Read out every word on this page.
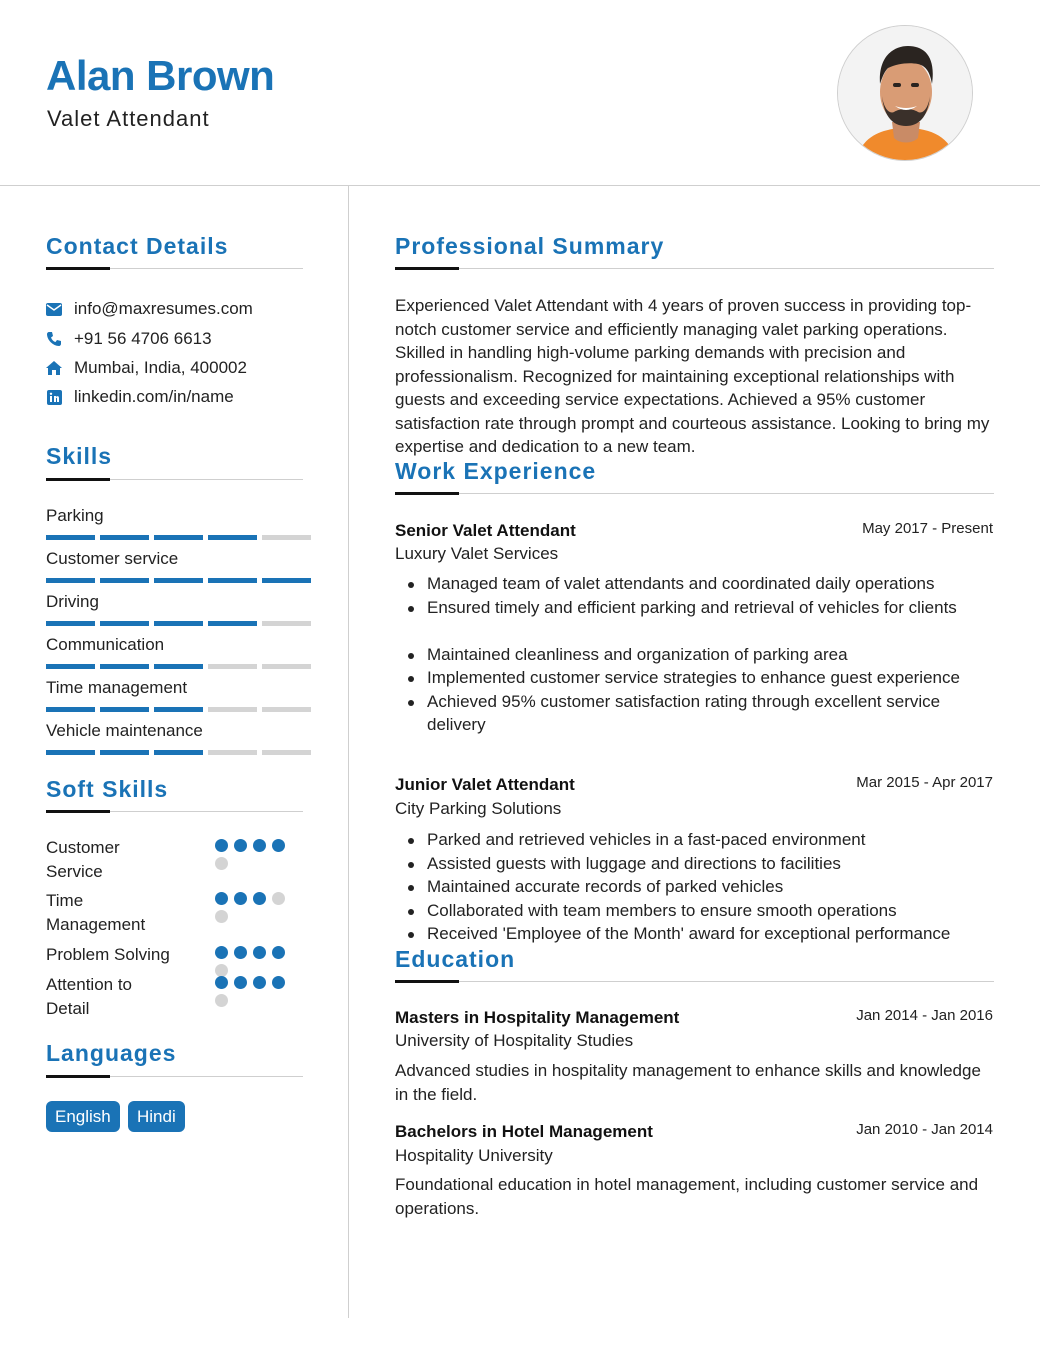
Alan Brown
Valet Attendant
Contact Details
info@maxresumes.com
+91 56 4706 6613
Mumbai, India, 400002
linkedin.com/in/name
Skills
Parking
Customer service
Driving
Communication
Time management
Vehicle maintenance
Soft Skills
Customer Service
Time Management
Problem Solving
Attention to Detail
Languages
English	Hindi
Professional Summary
Experienced Valet Attendant with 4 years of proven success in providing top-notch customer service and efficiently managing valet parking operations. Skilled in handling high-volume parking demands with precision and professionalism. Recognized for maintaining exceptional relationships with guests and exceeding service expectations. Achieved a 95% customer satisfaction rate through prompt and courteous assistance. Looking to bring my expertise and dedication to a new team.
Work Experience
Senior Valet Attendant	May 2017 - Present
Luxury Valet Services
Managed team of valet attendants and coordinated daily operations
Ensured timely and efficient parking and retrieval of vehicles for clients
Maintained cleanliness and organization of parking area
Implemented customer service strategies to enhance guest experience
Achieved 95% customer satisfaction rating through excellent service delivery
Junior Valet Attendant	Mar 2015 - Apr 2017
City Parking Solutions
Parked and retrieved vehicles in a fast-paced environment
Assisted guests with luggage and directions to facilities
Maintained accurate records of parked vehicles
Collaborated with team members to ensure smooth operations
Received 'Employee of the Month' award for exceptional performance
Education
Masters in Hospitality Management	Jan 2014 - Jan 2016
University of Hospitality Studies
Advanced studies in hospitality management to enhance skills and knowledge in the field.
Bachelors in Hotel Management	Jan 2010 - Jan 2014
Hospitality University
Foundational education in hotel management, including customer service and operations.
